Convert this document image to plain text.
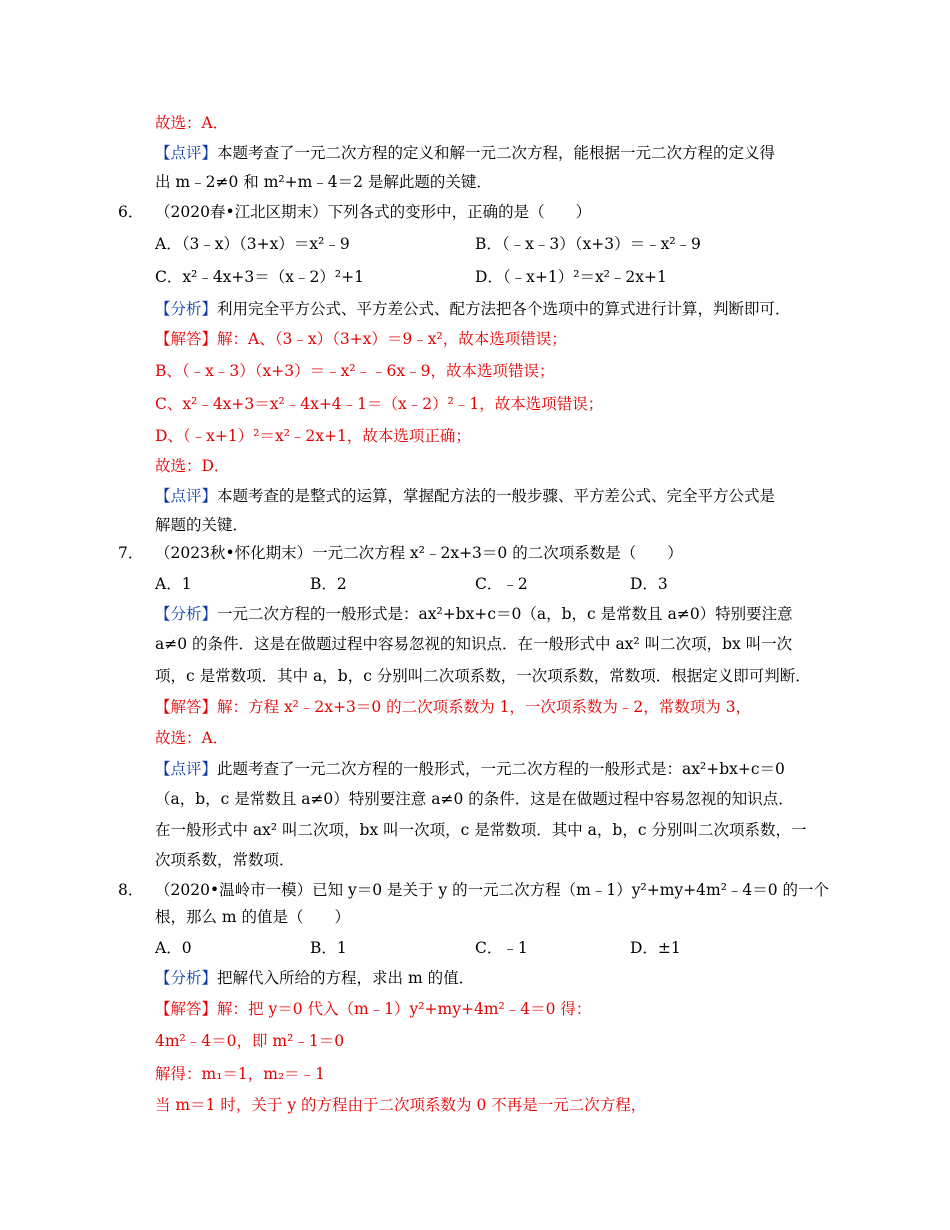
故选：A．
【点评】本题考查了一元二次方程的定义和解一元二次方程，能根据一元二次方程的定义得
出 m﹣2≠0 和 m²+m﹣4＝2 是解此题的关键．
6． （2020春•江北区期末）下列各式的变形中，正确的是（　　）
A．（3﹣x）（3+x）＝x²﹣9	B．（﹣x﹣3）（x+3）＝﹣x²﹣9
C．x²﹣4x+3＝（x﹣2）²+1	D．（﹣x+1）²＝x²﹣2x+1
【分析】利用完全平方公式、平方差公式、配方法把各个选项中的算式进行计算，判断即可．
【解答】解：A、（3﹣x）（3+x）＝9﹣x²，故本选项错误；
B、（﹣x﹣3）（x+3）＝﹣x²﹣﹣6x﹣9，故本选项错误；
C、x²﹣4x+3＝x²﹣4x+4﹣1＝（x﹣2）²﹣1，故本选项错误；
D、（﹣x+1）²＝x²﹣2x+1，故本选项正确；
故选：D．
【点评】本题考查的是整式的运算，掌握配方法的一般步骤、平方差公式、完全平方公式是
解题的关键．
7． （2023秋•怀化期末）一元二次方程 x²﹣2x+3＝0 的二次项系数是（　　）
A．1	B．2	C．﹣2	D．3
【分析】一元二次方程的一般形式是：ax²+bx+c＝0（a，b，c 是常数且 a≠0）特别要注意
a≠0 的条件．这是在做题过程中容易忽视的知识点．在一般形式中 ax² 叫二次项，bx 叫一次
项，c 是常数项．其中 a，b，c 分别叫二次项系数，一次项系数，常数项．根据定义即可判断．
【解答】解：方程 x²﹣2x+3＝0 的二次项系数为 1，一次项系数为﹣2，常数项为 3，
故选：A．
【点评】此题考查了一元二次方程的一般形式，一元二次方程的一般形式是：ax²+bx+c＝0
（a，b，c 是常数且 a≠0）特别要注意 a≠0 的条件．这是在做题过程中容易忽视的知识点．
在一般形式中 ax² 叫二次项，bx 叫一次项，c 是常数项．其中 a，b，c 分别叫二次项系数，一
次项系数，常数项．
8． （2020•温岭市一模）已知 y＝0 是关于 y 的一元二次方程（m﹣1）y²+my+4m²﹣4＝0 的一个
根，那么 m 的值是（　　）
A．0	B．1	C．﹣1	D．±1
【分析】把解代入所给的方程，求出 m 的值．
【解答】解：把 y＝0 代入（m﹣1）y²+my+4m²﹣4＝0 得：
4m²﹣4＝0，即 m²﹣1＝0
解得：m₁＝1，m₂＝﹣1
当 m＝1 时，关于 y 的方程由于二次项系数为 0 不再是一元二次方程，
